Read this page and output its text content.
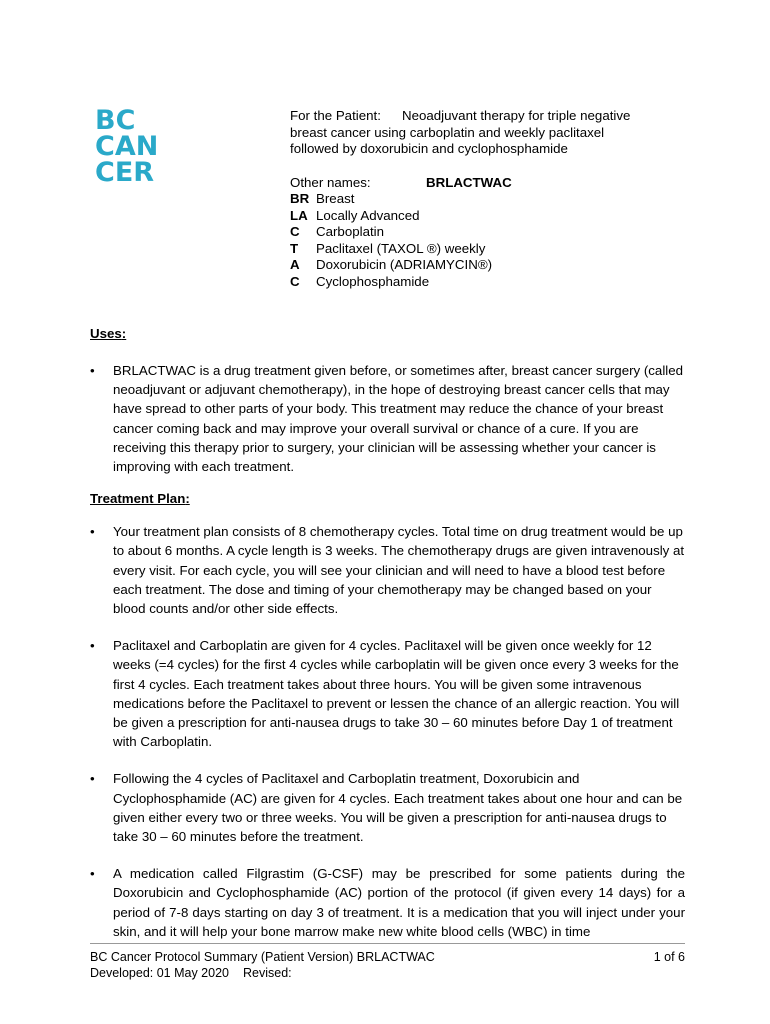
BC
CAN
CER
For the Patient:	Neoadjuvant therapy for triple negative
breast cancer using carboplatin and weekly paclitaxel
followed by doxorubicin and cyclophosphamide
Other names:	BRLACTWAC
BR Breast
LA Locally Advanced
C	Carboplatin
T	Paclitaxel (TAXOL ®) weekly
A	Doxorubicin (ADRIAMYCIN®)
C	Cyclophosphamide

Uses:

• BRLACTWAC is a drug treatment given before, or sometimes after, breast cancer surgery (called neoadjuvant or adjuvant chemotherapy), in the hope of destroying breast cancer cells that may have spread to other parts of your body. This treatment may reduce the chance of your breast cancer coming back and may improve your overall survival or chance of a cure. If you are receiving this therapy prior to surgery, your clinician will be assessing whether your cancer is improving with each treatment.

Treatment Plan:

• Your treatment plan consists of 8 chemotherapy cycles. Total time on drug treatment would be up to about 6 months. A cycle length is 3 weeks. The chemotherapy drugs are given intravenously at every visit. For each cycle, you will see your clinician and will need to have a blood test before each treatment. The dose and timing of your chemotherapy may be changed based on your blood counts and/or other side effects.
• Paclitaxel and Carboplatin are given for 4 cycles. Paclitaxel will be given once weekly for 12 weeks (=4 cycles) for the first 4 cycles while carboplatin will be given once every 3 weeks for the first 4 cycles. Each treatment takes about three hours. You will be given some intravenous medications before the Paclitaxel to prevent or lessen the chance of an allergic reaction. You will be given a prescription for anti-nausea drugs to take 30 – 60 minutes before Day 1 of treatment with Carboplatin.
• Following the 4 cycles of Paclitaxel and Carboplatin treatment, Doxorubicin and Cyclophosphamide (AC) are given for 4 cycles. Each treatment takes about one hour and can be given either every two or three weeks. You will be given a prescription for anti-nausea drugs to take 30 – 60 minutes before the treatment.
• A medication called Filgrastim (G-CSF) may be prescribed for some patients during the Doxorubicin and Cyclophosphamide (AC) portion of the protocol (if given every 14 days) for a period of 7-8 days starting on day 3 of treatment. It is a medication that you will inject under your skin, and it will help your bone marrow make new white blood cells (WBC) in time
BC Cancer Protocol Summary (Patient Version) BRLACTWAC	1 of 6
Developed: 01 May 2020 Revised:
